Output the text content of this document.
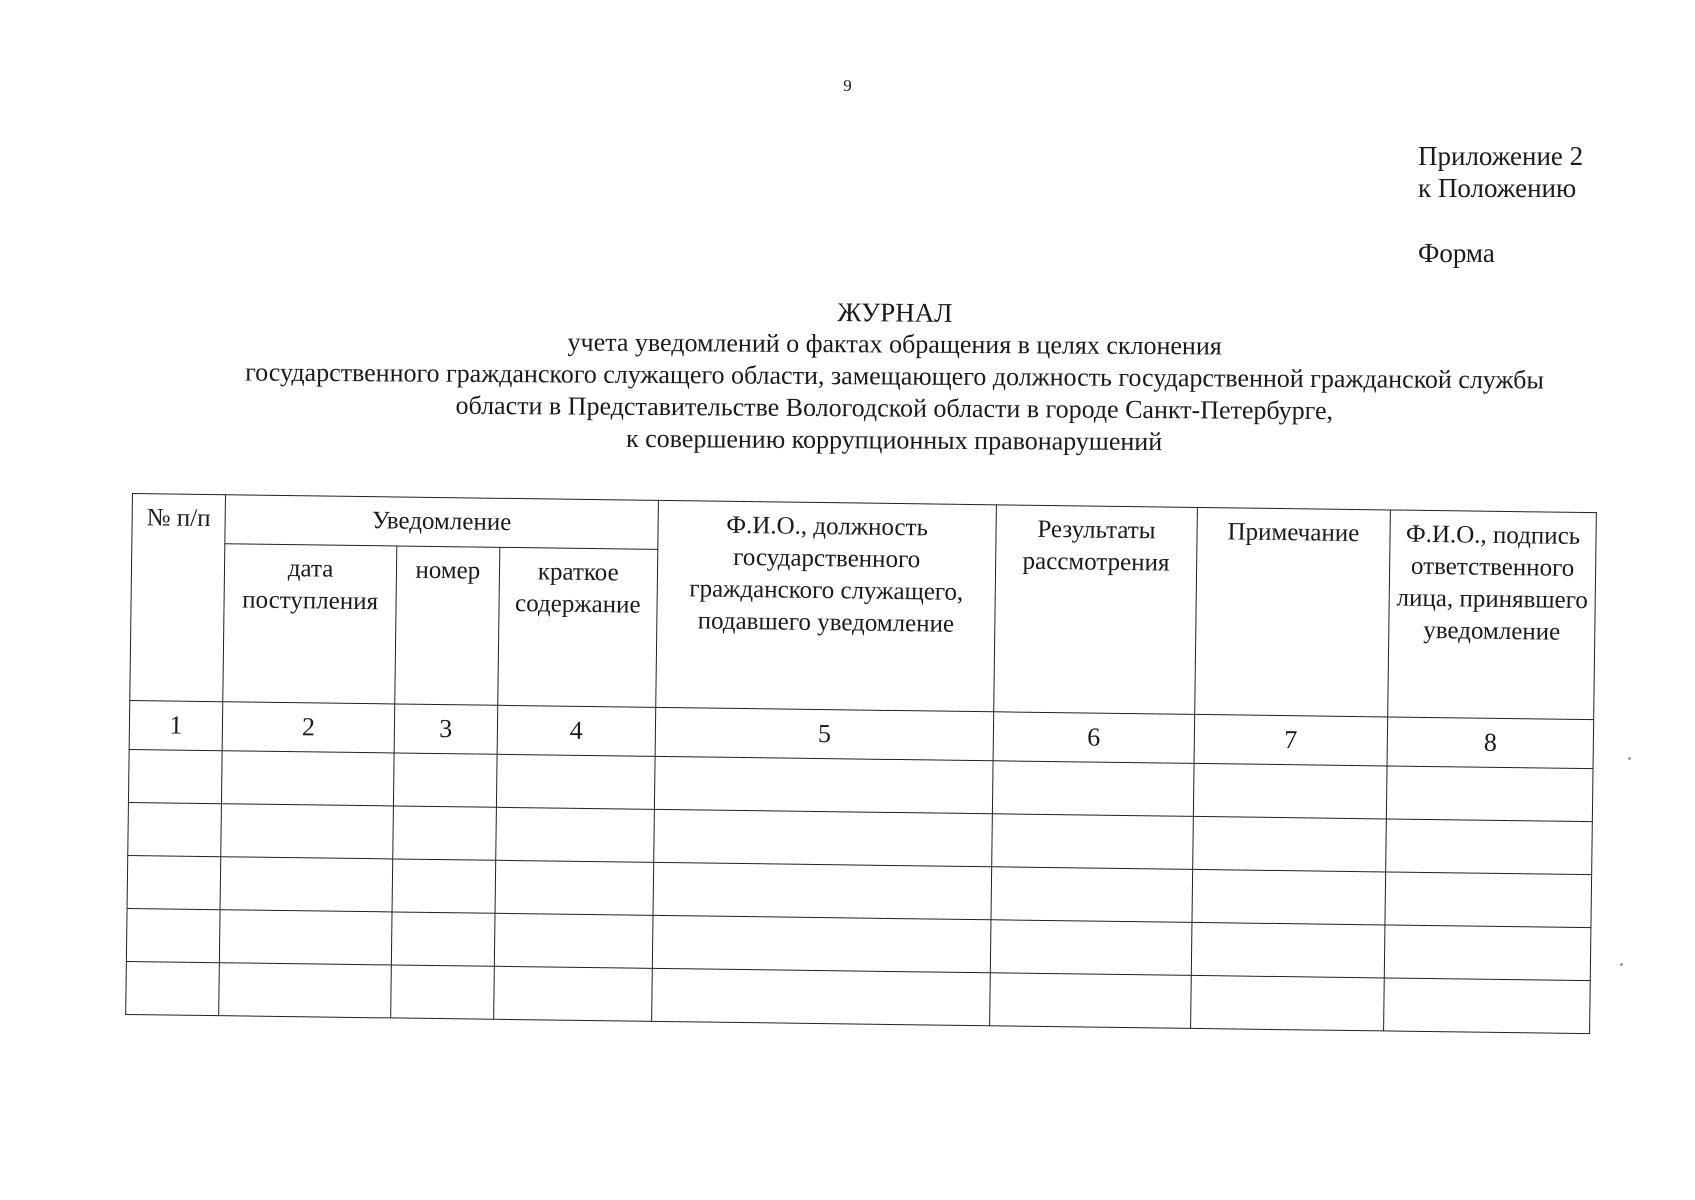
9
Приложение 2
к Положению
Форма
ЖУРНАЛ
учета уведомлений о фактах обращения в целях склонения
государственного гражданского служащего области, замещающего должность государственной гражданской службы
области в Представительстве Вологодской области в городе Санкт-Петербурге,
к совершению коррупционных правонарушений
№ п/п	Уведомление			Ф.И.О., должность государственного гражданского служащего, подавшего уведомление	Результаты рассмотрения	Примечание	Ф.И.О., подпись ответственного лица, принявшего уведомление
	дата поступления	номер	краткое содержание				
1	2	3	4	5	6	7	8
